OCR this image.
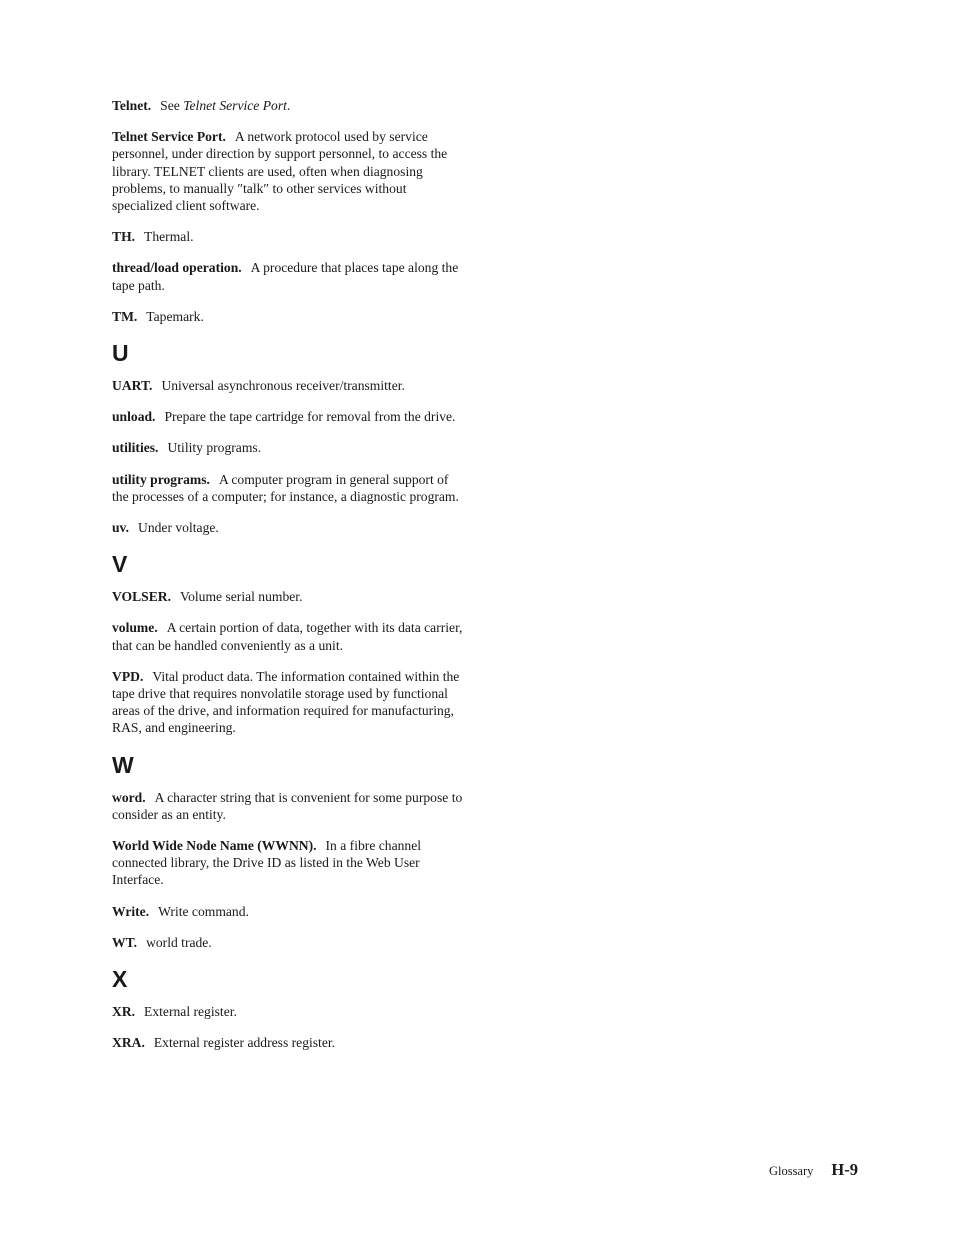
Telnet. See Telnet Service Port.
Telnet Service Port. A network protocol used by service personnel, under direction by support personnel, to access the library. TELNET clients are used, often when diagnosing problems, to manually ″talk″ to other services without specialized client software.
TH. Thermal.
thread/load operation. A procedure that places tape along the tape path.
TM. Tapemark.
U
UART. Universal asynchronous receiver/transmitter.
unload. Prepare the tape cartridge for removal from the drive.
utilities. Utility programs.
utility programs. A computer program in general support of the processes of a computer; for instance, a diagnostic program.
uv. Under voltage.
V
VOLSER. Volume serial number.
volume. A certain portion of data, together with its data carrier, that can be handled conveniently as a unit.
VPD. Vital product data. The information contained within the tape drive that requires nonvolatile storage used by functional areas of the drive, and information required for manufacturing, RAS, and engineering.
W
word. A character string that is convenient for some purpose to consider as an entity.
World Wide Node Name (WWNN). In a fibre channel connected library, the Drive ID as listed in the Web User Interface.
Write. Write command.
WT. world trade.
X
XR. External register.
XRA. External register address register.
Glossary H-9
